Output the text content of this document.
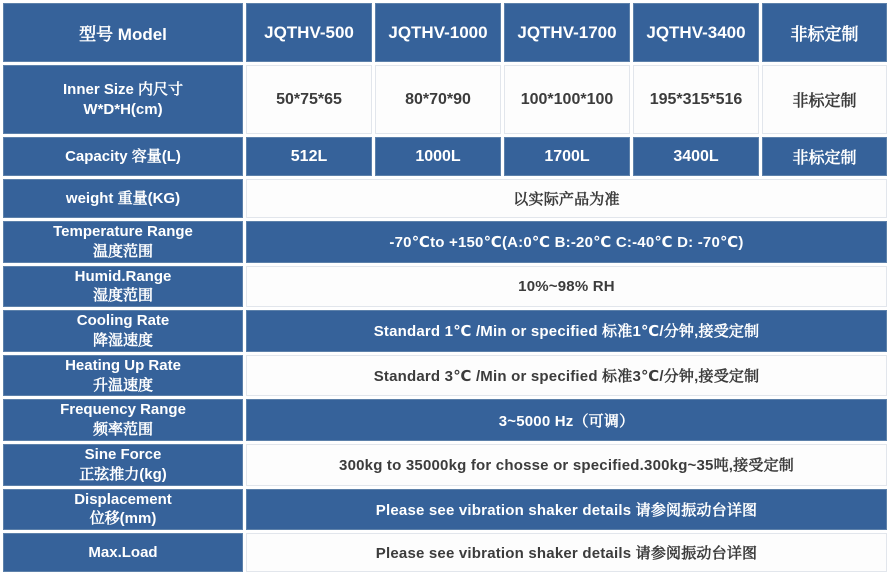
型号 Model	JQTHV-500	JQTHV-1000	JQTHV-1700	JQTHV-3400	非标定制

Inner Size 内尺寸
W*D*H(cm)	50*75*65	80*70*90	100*100*100	195*315*516	非标定制

Capacity 容量(L)	512L	1000L	1700L	3400L	非标定制

weight 重量(KG)	以实际产品为准				

Temperature Range
温度范围	-70℃to +150℃(A:0℃ B:-20℃ C:-40℃ D: -70℃)				

Humid.Range
湿度范围	10%~98% RH				

Cooling Rate
降湿速度	Standard 1℃ /Min or specified 标准1℃/分钟,接受定制				

Heating Up Rate
升温速度	Standard 3℃ /Min or specified 标准3℃/分钟,接受定制				

Frequency Range
频率范围	3~5000 Hz（可调）				

Sine Force
正弦推力(kg)	300kg to 35000kg for chosse or specified.300kg~35吨,接受定制				

Displacement
位移(mm)	Please see vibration shaker details 请参阅振动台详图				

Max.Load	Please see vibration shaker details 请参阅振动台详图				
